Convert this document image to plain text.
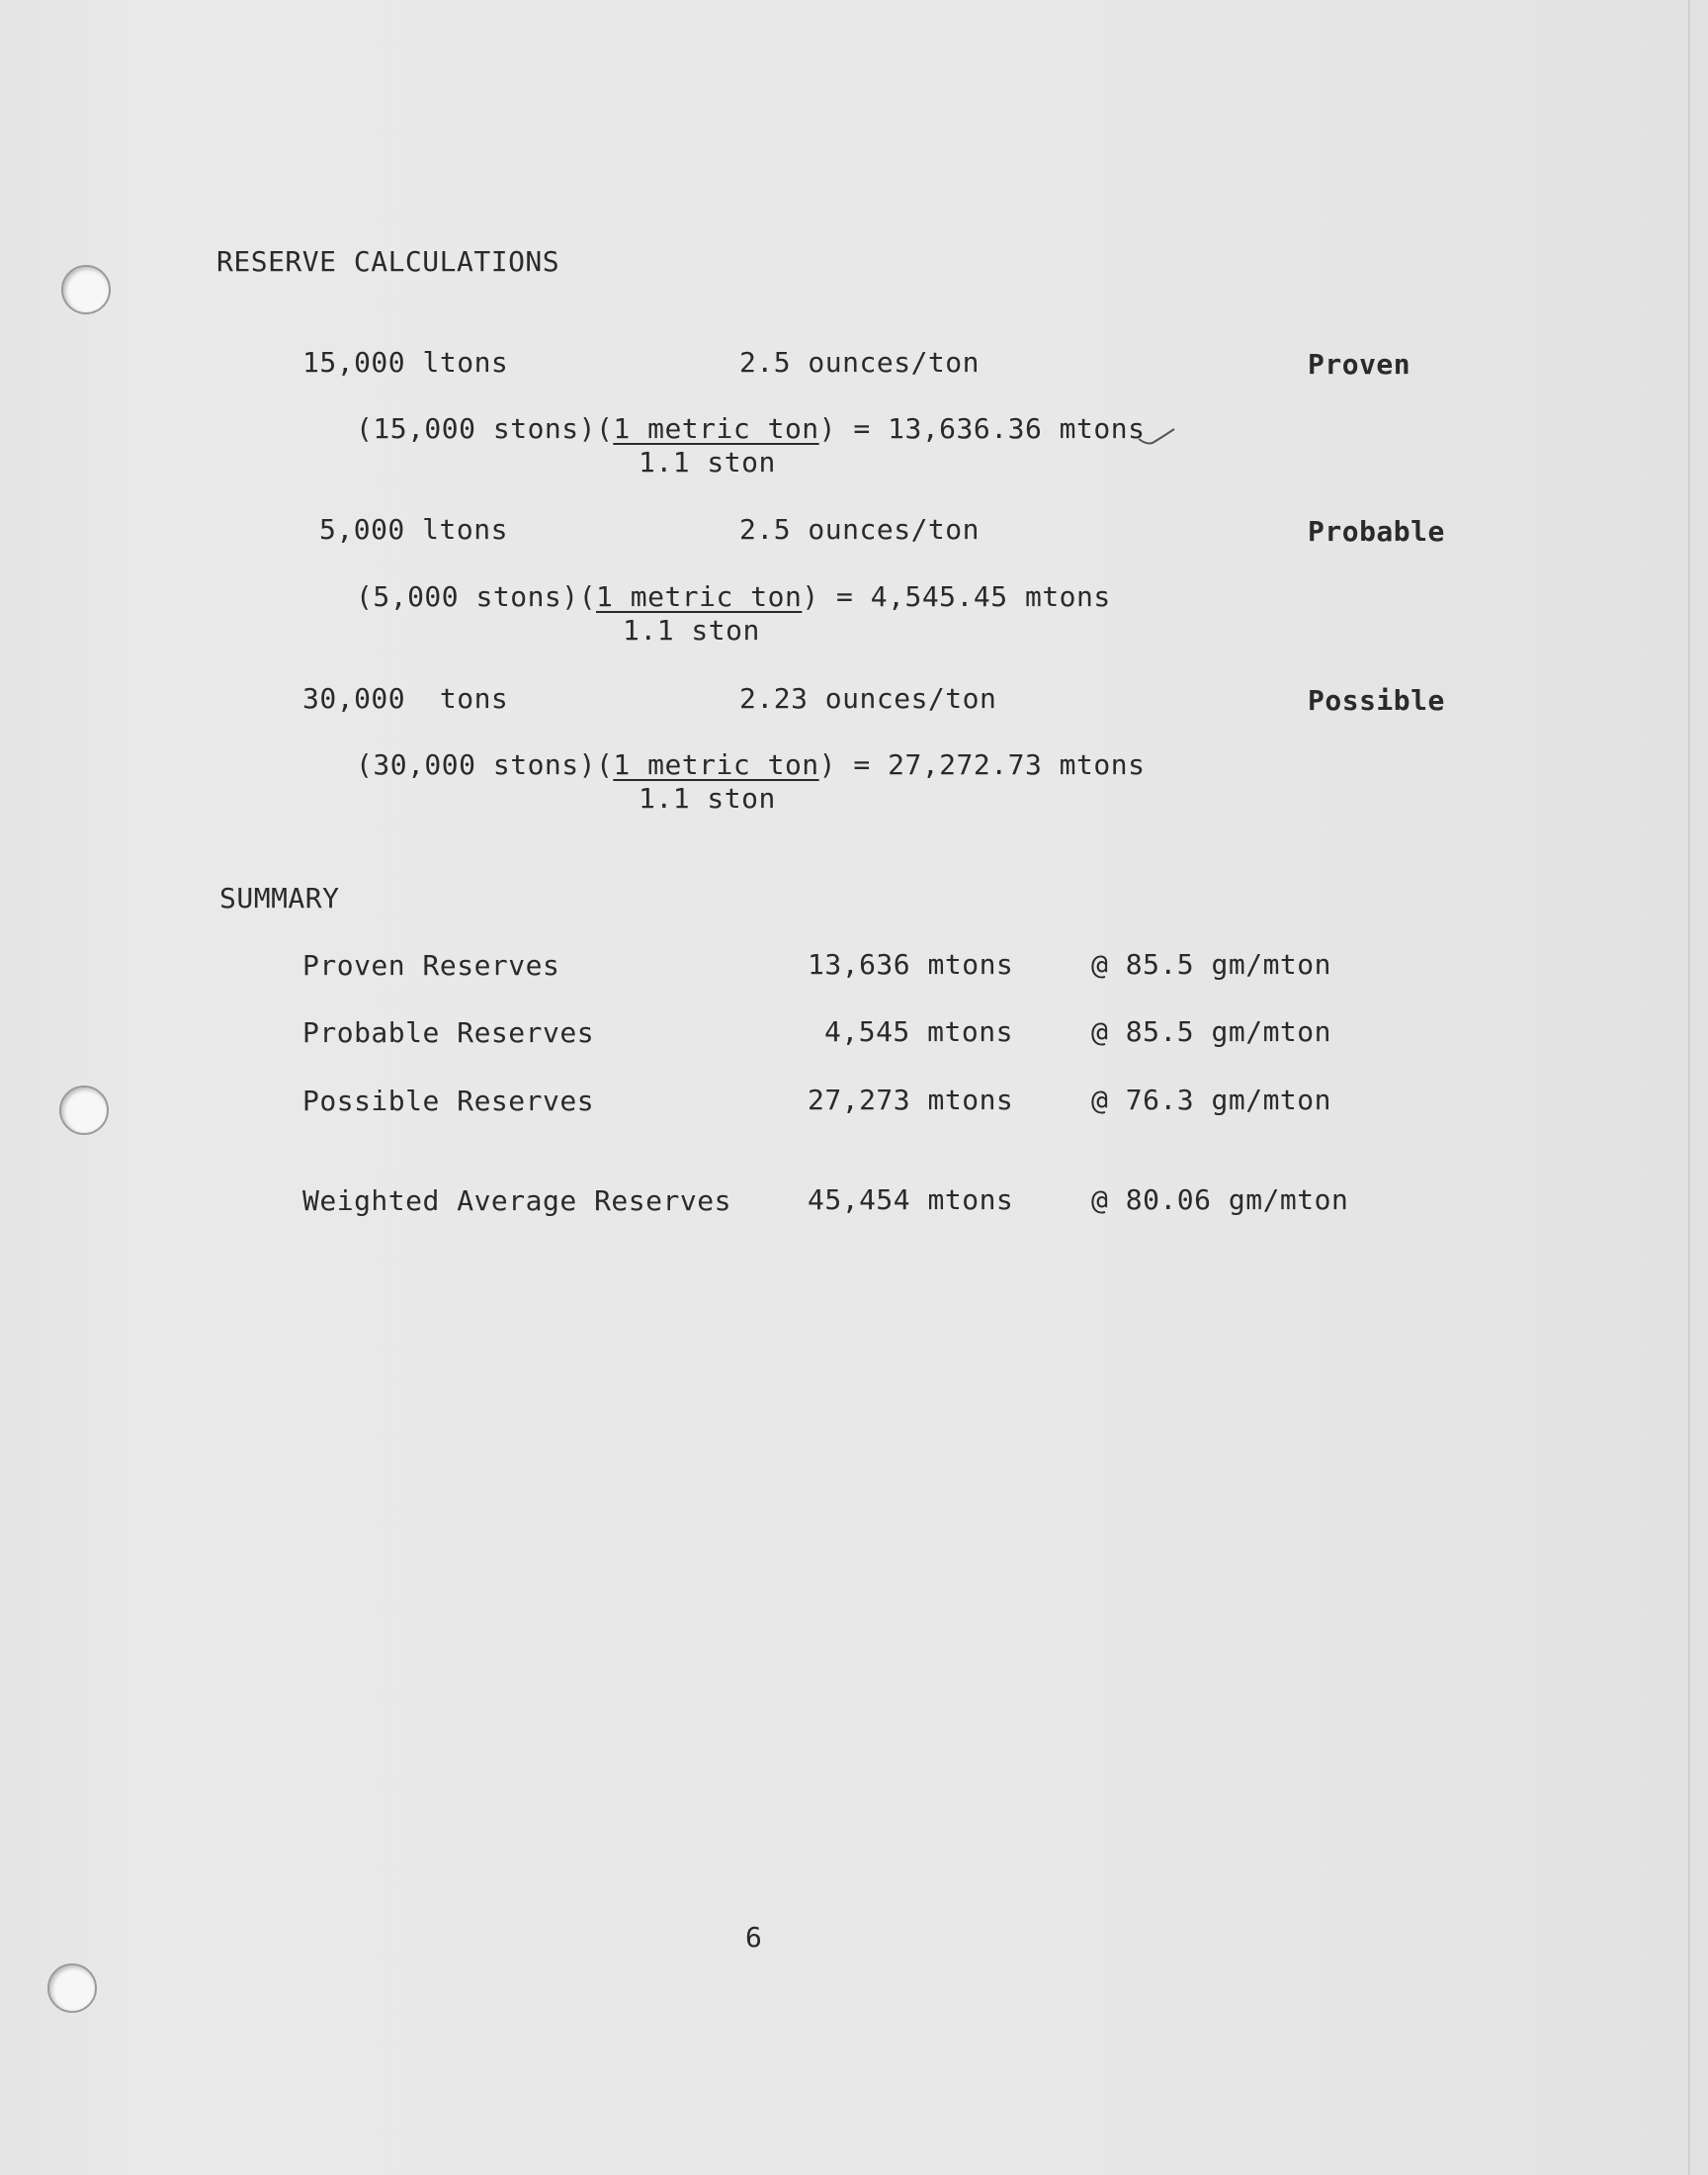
RESERVE CALCULATIONS
15,000 ltons	2.5 ounces/ton	Proven
(15,000 stons)(1 metric ton) = 13,636.36 mtons
1.1 ston
5,000 ltons	2.5 ounces/ton	Probable
(5,000 stons)(1 metric ton) = 4,545.45 mtons
1.1 ston
30,000  tons	2.23 ounces/ton	Possible
(30,000 stons)(1 metric ton) = 27,272.73 mtons
1.1 ston
SUMMARY
Proven Reserves	13,636 mtons	@ 85.5 gm/mton
Probable Reserves	4,545 mtons	@ 85.5 gm/mton
Possible Reserves	27,273 mtons	@ 76.3 gm/mton
Weighted Average Reserves	45,454 mtons	@ 80.06 gm/mton
6
